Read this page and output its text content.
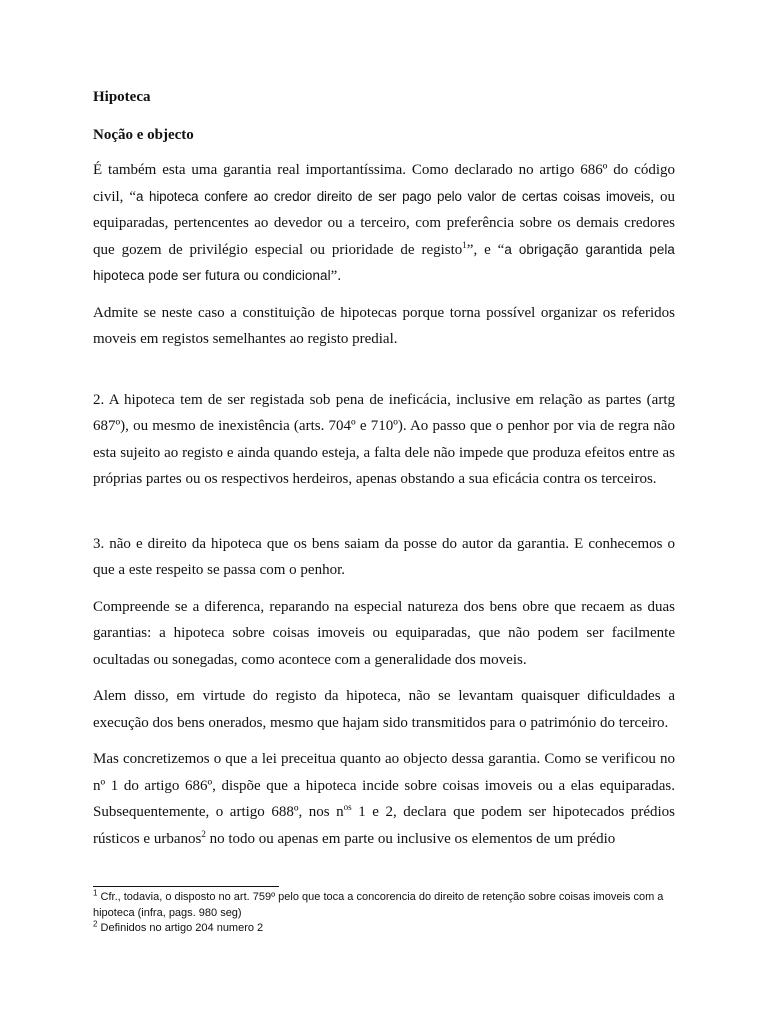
Hipoteca

Noção e objecto

É também esta uma garantia real importantíssima. Como declarado no artigo 686º do código civil, “a hipoteca confere ao credor direito de ser pago pelo valor de certas coisas imoveis, ou equiparadas, pertencentes ao devedor ou a terceiro, com preferência sobre os demais credores que gozem de privilégio especial ou prioridade de registo$^1$”, e “a obrigação garantida pela hipoteca pode ser futura ou condicional”.

Admite se neste caso a constituição de hipotecas porque torna possível organizar os referidos moveis em registos semelhantes ao registo predial.

2. A hipoteca tem de ser registada sob pena de ineficácia, inclusive em relação as partes (artg 687º), ou mesmo de inexistência (arts. 704º e 710º). Ao passo que o penhor por via de regra não esta sujeito ao registo e ainda quando esteja, a falta dele não impede que produza efeitos entre as próprias partes ou os respectivos herdeiros, apenas obstando a sua eficácia contra os terceiros.

3. não e direito da hipoteca que os bens saiam da posse do autor da garantia. E conhecemos o que a este respeito se passa com o penhor.

Compreende se a diferenca, reparando na especial natureza dos bens obre que recaem as duas garantias: a hipoteca sobre coisas imoveis ou equiparadas, que não podem ser facilmente ocultadas ou sonegadas, como acontece com a generalidade dos moveis.

Alem disso, em virtude do registo da hipoteca, não se levantam quaisquer dificuldades a execução dos bens onerados, mesmo que hajam sido transmitidos para o património do terceiro.

Mas concretizemos o que a lei preceitua quanto ao objecto dessa garantia. Como se verificou no nº 1 do artigo 686º, dispõe que a hipoteca incide sobre coisas imoveis ou a elas equiparadas. Subsequentemente, o artigo 688º, nos $n^{os}$ 1 e 2, declara que podem ser hipotecados prédios rústicos e urbanos$^2$ no todo ou apenas em parte ou inclusive os elementos de um prédio

$^1$ Cfr., todavia, o disposto no art. 759º pelo que toca a concorencia do direito de retenção sobre coisas imoveis com a hipoteca (infra, pags. 980 seg)

$^2$ Definidos no artigo 204 numero 2
